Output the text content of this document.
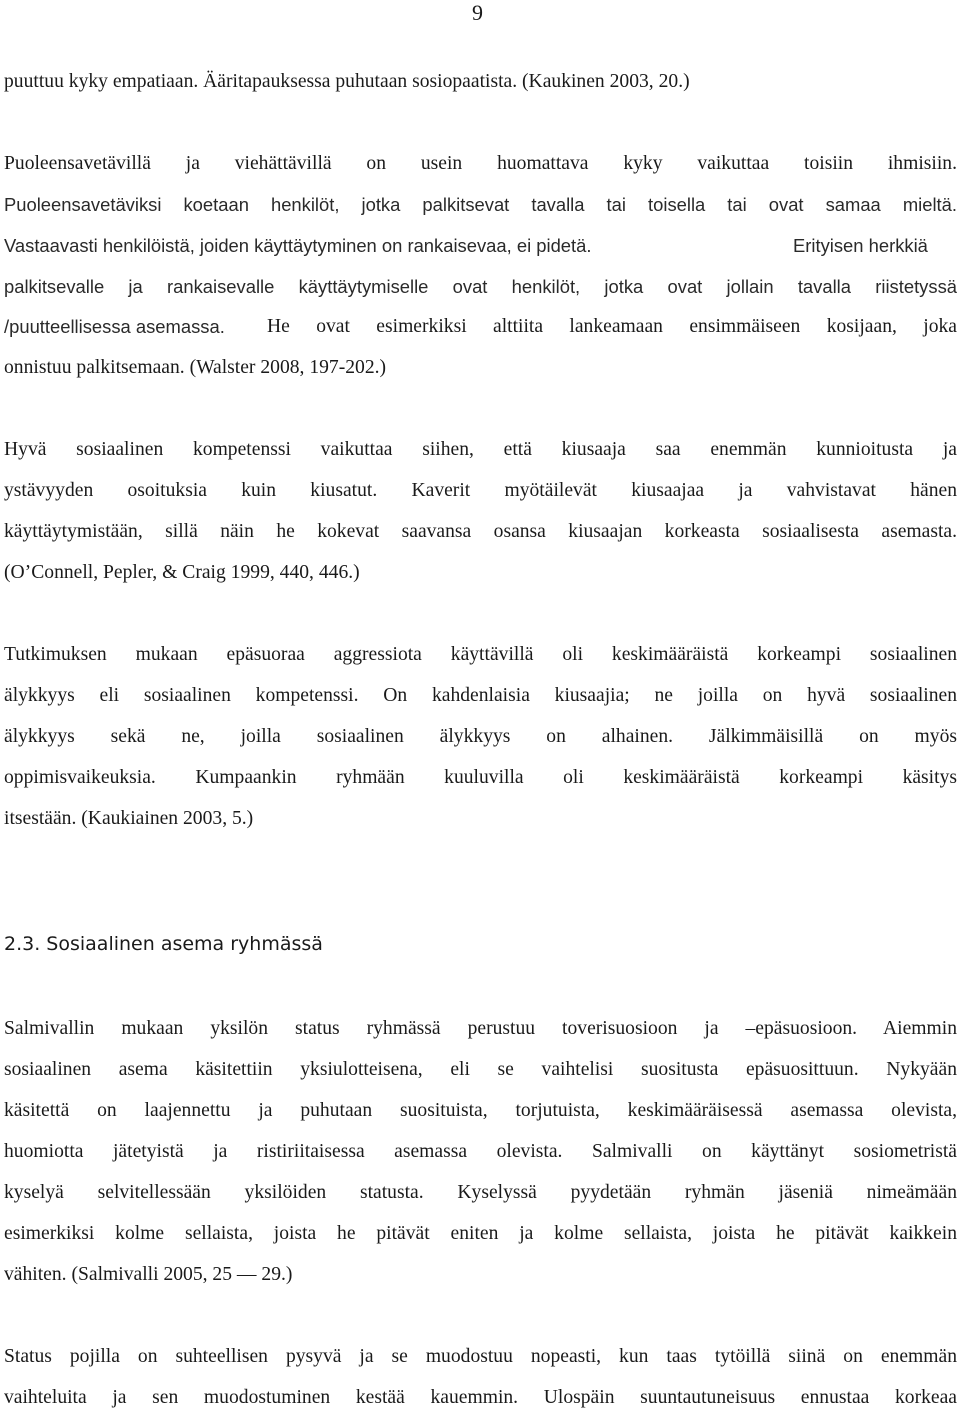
9
puuttuu kyky empatiaan. Ääritapauksessa puhutaan sosiopaatista. (Kaukinen 2003, 20.)
Puoleensavetävillä ja viehättävillä on usein huomattava kyky vaikuttaa toisiin ihmisiin.
Puoleensavetäviksi koetaan henkilöt, jotka palkitsevat tavalla tai toisella tai ovat samaa mieltä.
Vastaavasti henkilöistä, joiden käyttäytyminen on rankaisevaa, ei pidetä.	Erityisen herkkiä
palkitsevalle ja rankaisevalle käyttäytymiselle ovat henkilöt, jotka ovat jollain tavalla riistetyssä
/puutteellisessa asemassa. He ovat esimerkiksi alttiita lankeamaan ensimmäiseen kosijaan, joka
onnistuu palkitsemaan. (Walster 2008, 197-202.)
Hyvä sosiaalinen kompetenssi vaikuttaa siihen, että kiusaaja saa enemmän kunnioitusta ja
ystävyyden osoituksia kuin kiusatut. Kaverit myötäilevät kiusaajaa ja vahvistavat hänen
käyttäytymistään, sillä näin he kokevat saavansa osansa kiusaajan korkeasta sosiaalisesta asemasta.
(O’Connell, Pepler, & Craig 1999, 440, 446.)
Tutkimuksen mukaan epäsuoraa aggressiota käyttävillä oli keskimääräistä korkeampi sosiaalinen
älykkyys eli sosiaalinen kompetenssi. On kahdenlaisia kiusaajia; ne joilla on hyvä sosiaalinen
älykkyys sekä ne, joilla sosiaalinen älykkyys on alhainen. Jälkimmäisillä on myös
oppimisvaikeuksia. Kumpaankin ryhmään kuuluvilla oli keskimääräistä korkeampi käsitys
itsestään. (Kaukiainen 2003, 5.)
2.3. Sosiaalinen asema ryhmässä
Salmivallin mukaan yksilön status ryhmässä perustuu toverisuosioon ja –epäsuosioon. Aiemmin
sosiaalinen asema käsitettiin yksiulotteisena, eli se vaihtelisi suositusta epäsuosittuun. Nykyään
käsitettä on laajennettu ja puhutaan suosituista, torjutuista, keskimääräisessä asemassa olevista,
huomiotta jätetyistä ja ristiriitaisessa asemassa olevista. Salmivalli on käyttänyt sosiometristä
kyselyä selvitellessään yksilöiden statusta. Kyselyssä pyydetään ryhmän jäseniä nimeämään
esimerkiksi kolme sellaista, joista he pitävät eniten ja kolme sellaista, joista he pitävät kaikkein
vähiten. (Salmivalli 2005, 25 — 29.)
Status pojilla on suhteellisen pysyvä ja se muodostuu nopeasti, kun taas tytöillä siinä on enemmän
vaihteluita ja sen muodostuminen kestää kauemmin. Ulospäin suuntautuneisuus ennustaa korkeaa
